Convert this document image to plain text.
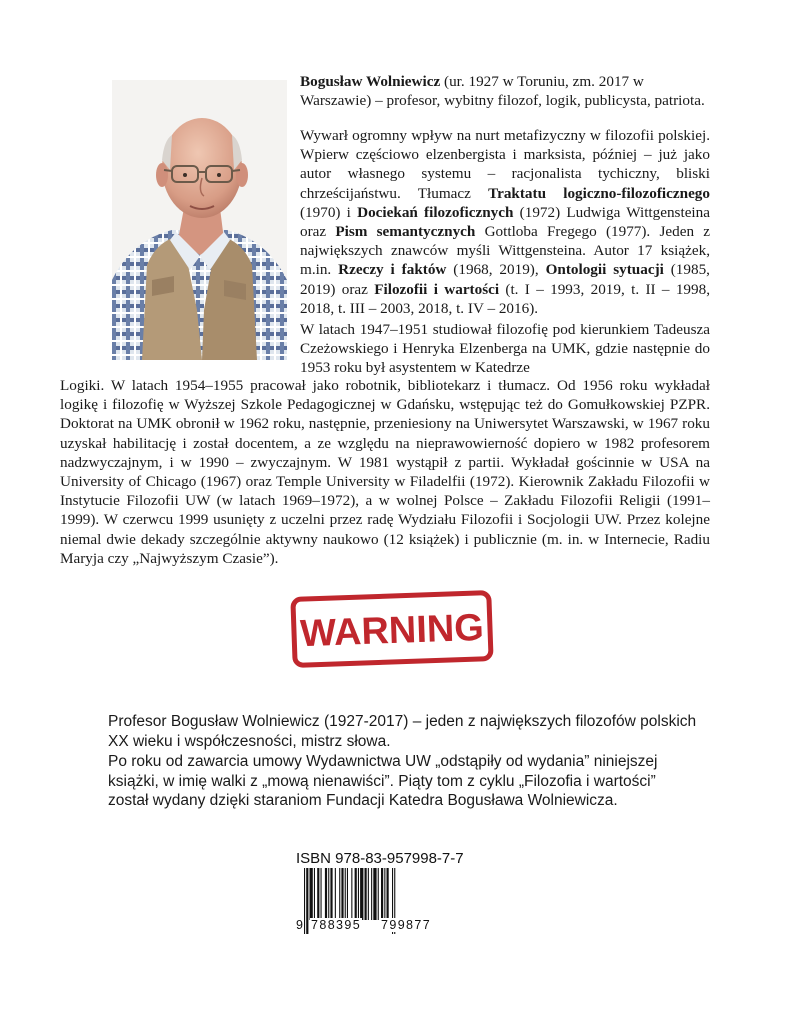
Bogusław Wolniewicz (ur. 1927 w Toruniu, zm. 2017 w Warszawie) – profesor, wybitny filozof, logik, publicysta, patriota.

Wywarł ogromny wpływ na nurt metafizyczny w filozofii polskiej. Wpierw częściowo elzenbergista i marksista, później – już jako autor własnego systemu – racjonalista tychiczny, bliski chrześcijaństwu. Tłumacz Traktatu logiczno-filozoficznego (1970) i Dociekań filozoficznych (1972) Ludwiga Wittgensteina oraz Pism semantycznych Gottloba Fregego (1977). Jeden z największych znawców myśli Wittgensteina. Autor 17 książek, m.in. Rzeczy i faktów (1968, 2019), Ontologii sytuacji (1985, 2019) oraz Filozofii i wartości (t. I – 1993, 2019, t. II – 1998, 2018, t. III – 2003, 2018, t. IV – 2016).

W latach 1947–1951 studiował filozofię pod kierunkiem Tadeusza Czeżowskiego i Henryka Elzenberga na UMK, gdzie następnie do 1953 roku był asystentem w Katedrze

Logiki. W latach 1954–1955 pracował jako robotnik, bibliotekarz i tłumacz. Od 1956 roku wykładał logikę i filozofię w Wyższej Szkole Pedagogicznej w Gdańsku, wstępując też do Gomułkowskiej PZPR. Doktorat na UMK obronił w 1962 roku, następnie, przeniesiony na Uniwersytet Warszawski, w 1967 roku uzyskał habilitację i został docentem, a ze względu na nieprawowierność dopiero w 1982 profesorem nadzwyczajnym, i w 1990 – zwyczajnym. W 1981 wystąpił z partii. Wykładał gościnnie w USA na University of Chicago (1967) oraz Temple University w Filadelfii (1972). Kierownik Zakładu Filozofii w Instytucie Filozofii UW (w latach 1969–1972), a w wolnej Polsce – Zakładu Filozofii Religii (1991–1999). W czerwcu 1999 usunięty z uczelni przez radę Wydziału Filozofii i Socjologii UW. Przez kolejne niemal dwie dekady szczególnie aktywny naukowo (12 książek) i publicznie (m. in. w Internecie, Radiu Maryja czy „Najwyższym Czasie”).

WARNING

Profesor Bogusław Wolniewicz (1927-2017) – jeden z największych filozofów polskich XX wieku i współczesności, mistrz słowa.

Po roku od zawarcia umowy Wydawnictwa UW „odstąpiły od wydania” niniejszej książki, w imię walki z „mową nienawiści”. Piąty tom z cyklu „Filozofia i wartości” został wydany dzięki staraniom Fundacji Katedra Bogusława Wolniewicza.

ISBN 978-83-957998-7-7
9 788395 799877
